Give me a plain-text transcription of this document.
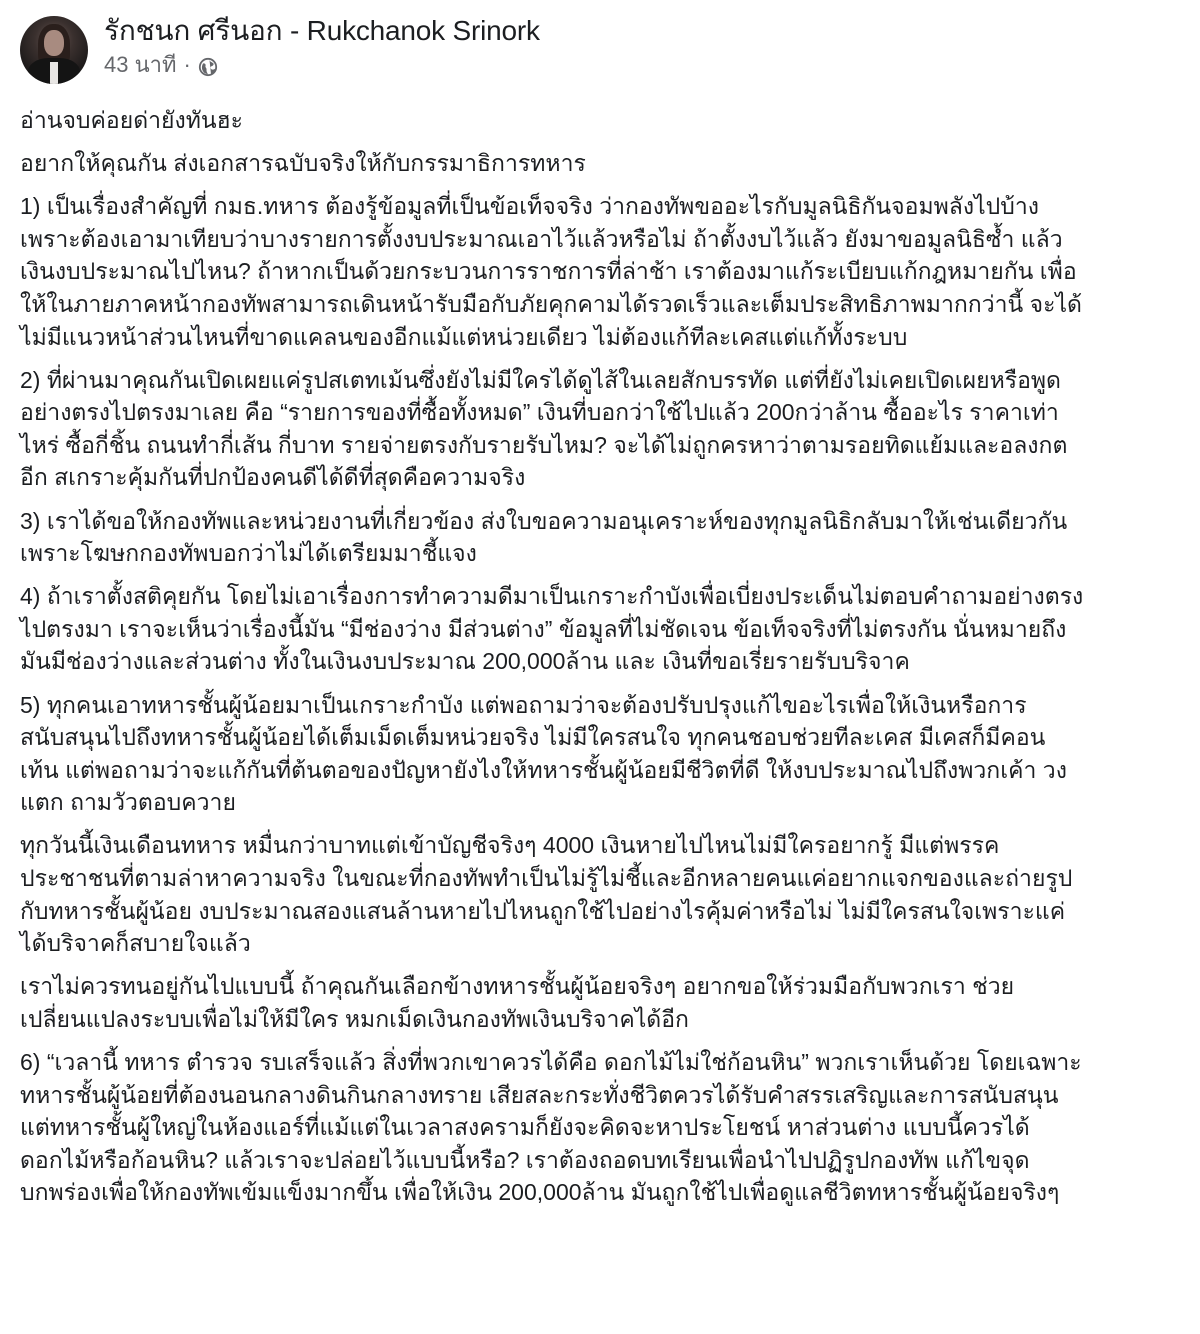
รักชนก ศรีนอก - Rukchanok Srinork
43 นาที ·
อ่านจบค่อยด่ายังทันฮะ
อยากให้คุณกัน ส่งเอกสารฉบับจริงให้กับกรรมาธิการทหาร
1) เป็นเรื่องสำคัญที่ กมธ.ทหาร ต้องรู้ข้อมูลที่เป็นข้อเท็จจริง ว่ากองทัพขออะไรกับมูลนิธิกันจอมพลังไปบ้าง
เพราะต้องเอามาเทียบว่าบางรายการตั้งงบประมาณเอาไว้แล้วหรือไม่ ถ้าตั้งงบไว้แล้ว ยังมาขอมูลนิธิซ้ำ แล้ว
เงินงบประมาณไปไหน? ถ้าหากเป็นด้วยกระบวนการราชการที่ล่าช้า เราต้องมาแก้ระเบียบแก้กฎหมายกัน เพื่อ
ให้ในภายภาคหน้ากองทัพสามารถเดินหน้ารับมือกับภัยคุกคามได้รวดเร็วและเต็มประสิทธิภาพมากกว่านี้ จะได้
ไม่มีแนวหน้าส่วนไหนที่ขาดแคลนของอีกแม้แต่หน่วยเดียว ไม่ต้องแก้ทีละเคสแต่แก้ทั้งระบบ
2) ที่ผ่านมาคุณกันเปิดเผยแค่รูปสเตทเม้นซึ่งยังไม่มีใครได้ดูไส้ในเลยสักบรรทัด แต่ที่ยังไม่เคยเปิดเผยหรือพูด
อย่างตรงไปตรงมาเลย คือ “รายการของที่ซื้อทั้งหมด” เงินที่บอกว่าใช้ไปแล้ว 200กว่าล้าน ซื้ออะไร ราคาเท่า
ไหร่ ซื้อกี่ชิ้น ถนนทำกี่เส้น กี่บาท รายจ่ายตรงกับรายรับไหม? จะได้ไม่ถูกครหาว่าตามรอยทิดแย้มและอลงกต
อีก สเกราะคุ้มกันที่ปกป้องคนดีได้ดีที่สุดคือความจริง
3) เราได้ขอให้กองทัพและหน่วยงานที่เกี่ยวข้อง ส่งใบขอความอนุเคราะห์ของทุกมูลนิธิกลับมาให้เช่นเดียวกัน
เพราะโฆษกกองทัพบอกว่าไม่ได้เตรียมมาชี้แจง
4) ถ้าเราตั้งสติคุยกัน โดยไม่เอาเรื่องการทำความดีมาเป็นเกราะกำบังเพื่อเบี่ยงประเด็นไม่ตอบคำถามอย่างตรง
ไปตรงมา เราจะเห็นว่าเรื่องนี้มัน “มีช่องว่าง มีส่วนต่าง” ข้อมูลที่ไม่ชัดเจน ข้อเท็จจริงที่ไม่ตรงกัน นั่นหมายถึง
มันมีช่องว่างและส่วนต่าง ทั้งในเงินงบประมาณ 200,000ล้าน และ เงินที่ขอเรี่ยรายรับบริจาค
5) ทุกคนเอาทหารชั้นผู้น้อยมาเป็นเกราะกำบัง แต่พอถามว่าจะต้องปรับปรุงแก้ไขอะไรเพื่อให้เงินหรือการ
สนับสนุนไปถึงทหารชั้นผู้น้อยได้เต็มเม็ดเต็มหน่วยจริง ไม่มีใครสนใจ ทุกคนชอบช่วยทีละเคส มีเคสก็มีคอน
เท้น แต่พอถามว่าจะแก้กันที่ต้นตอของปัญหายังไงให้ทหารชั้นผู้น้อยมีชีวิตที่ดี ให้งบประมาณไปถึงพวกเค้า วง
แตก ถามวัวตอบควาย
ทุกวันนี้เงินเดือนทหาร หมื่นกว่าบาทแต่เข้าบัญชีจริงๆ 4000 เงินหายไปไหนไม่มีใครอยากรู้ มีแต่พรรค
ประชาชนที่ตามล่าหาความจริง ในขณะที่กองทัพทำเป็นไม่รู้ไม่ชี้และอีกหลายคนแค่อยากแจกของและถ่ายรูป
กับทหารชั้นผู้น้อย งบประมาณสองแสนล้านหายไปไหนถูกใช้ไปอย่างไรคุ้มค่าหรือไม่ ไม่มีใครสนใจเพราะแค่
ได้บริจาคก็สบายใจแล้ว
เราไม่ควรทนอยู่กันไปแบบนี้ ถ้าคุณกันเลือกข้างทหารชั้นผู้น้อยจริงๆ อยากขอให้ร่วมมือกับพวกเรา ช่วย
เปลี่ยนแปลงระบบเพื่อไม่ให้มีใคร หมกเม็ดเงินกองทัพเงินบริจาคได้อีก
6) “เวลานี้ ทหาร ตำรวจ รบเสร็จแล้ว สิ่งที่พวกเขาควรได้คือ ดอกไม้ไม่ใช่ก้อนหิน” พวกเราเห็นด้วย โดยเฉพาะ
ทหารชั้นผู้น้อยที่ต้องนอนกลางดินกินกลางทราย เสียสละกระทั่งชีวิตควรได้รับคำสรรเสริญและการสนับสนุน
แต่ทหารชั้นผู้ใหญ่ในห้องแอร์ที่แม้แต่ในเวลาสงครามก็ยังจะคิดจะหาประโยชน์ หาส่วนต่าง แบบนี้ควรได้
ดอกไม้หรือก้อนหิน? แล้วเราจะปล่อยไว้แบบนี้หรือ? เราต้องถอดบทเรียนเพื่อนำไปปฏิรูปกองทัพ แก้ไขจุด
บกพร่องเพื่อให้กองทัพเข้มแข็งมากขึ้น เพื่อให้เงิน 200,000ล้าน มันถูกใช้ไปเพื่อดูแลชีวิตทหารชั้นผู้น้อยจริงๆ
